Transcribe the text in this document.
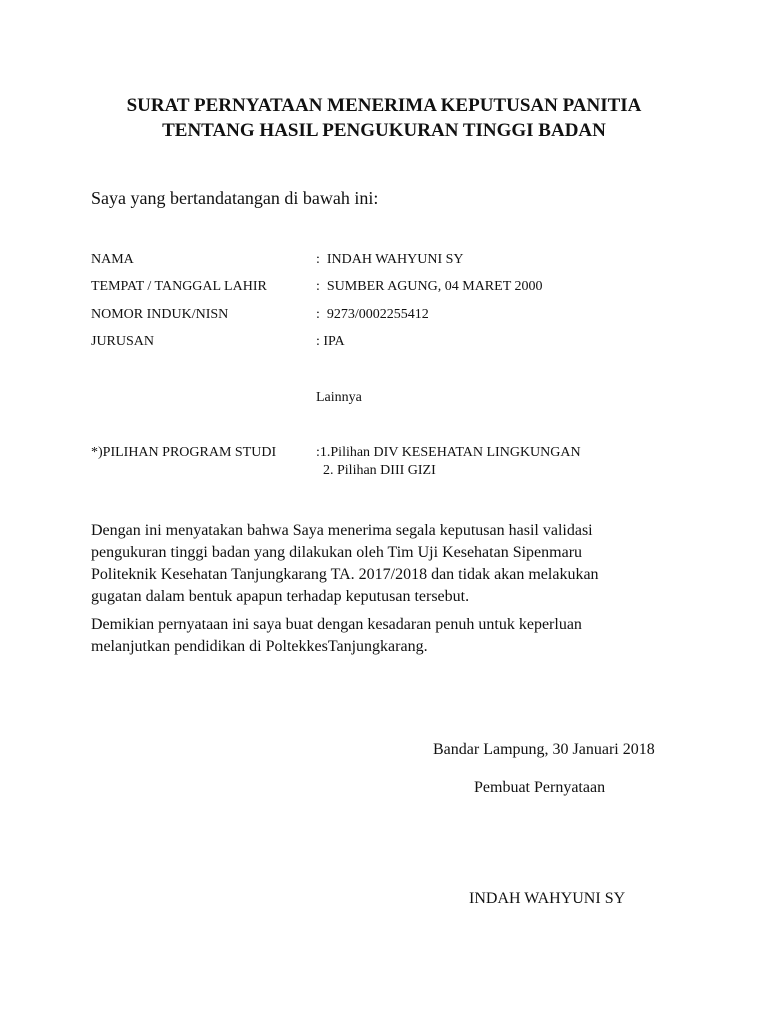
SURAT PERNYATAAN MENERIMA KEPUTUSAN PANITIA

TENTANG HASIL PENGUKURAN TINGGI BADAN

Saya yang bertandatangan di bawah ini:

NAMA	:  INDAH WAHYUNI SY

TEMPAT / TANGGAL LAHIR	:  SUMBER AGUNG, 04 MARET 2000

NOMOR INDUK/NISN	:  9273/0002255412

JURUSAN	: IPA

Lainnya

*)PILIHAN PROGRAM STUDI	:1.Pilihan DIV KESEHATAN LINGKUNGAN

2. Pilihan DIII GIZI

Dengan ini menyatakan bahwa Saya menerima segala keputusan hasil validasi
pengukuran tinggi badan yang dilakukan oleh Tim Uji Kesehatan Sipenmaru
Politeknik Kesehatan Tanjungkarang TA. 2017/2018 dan tidak akan melakukan
gugatan dalam bentuk apapun terhadap keputusan tersebut.
Demikian pernyataan ini saya buat dengan kesadaran penuh untuk keperluan
melanjutkan pendidikan di PoltekkesTanjungkarang.

Bandar Lampung, 30 Januari 2018

Pembuat Pernyataan

INDAH WAHYUNI SY
